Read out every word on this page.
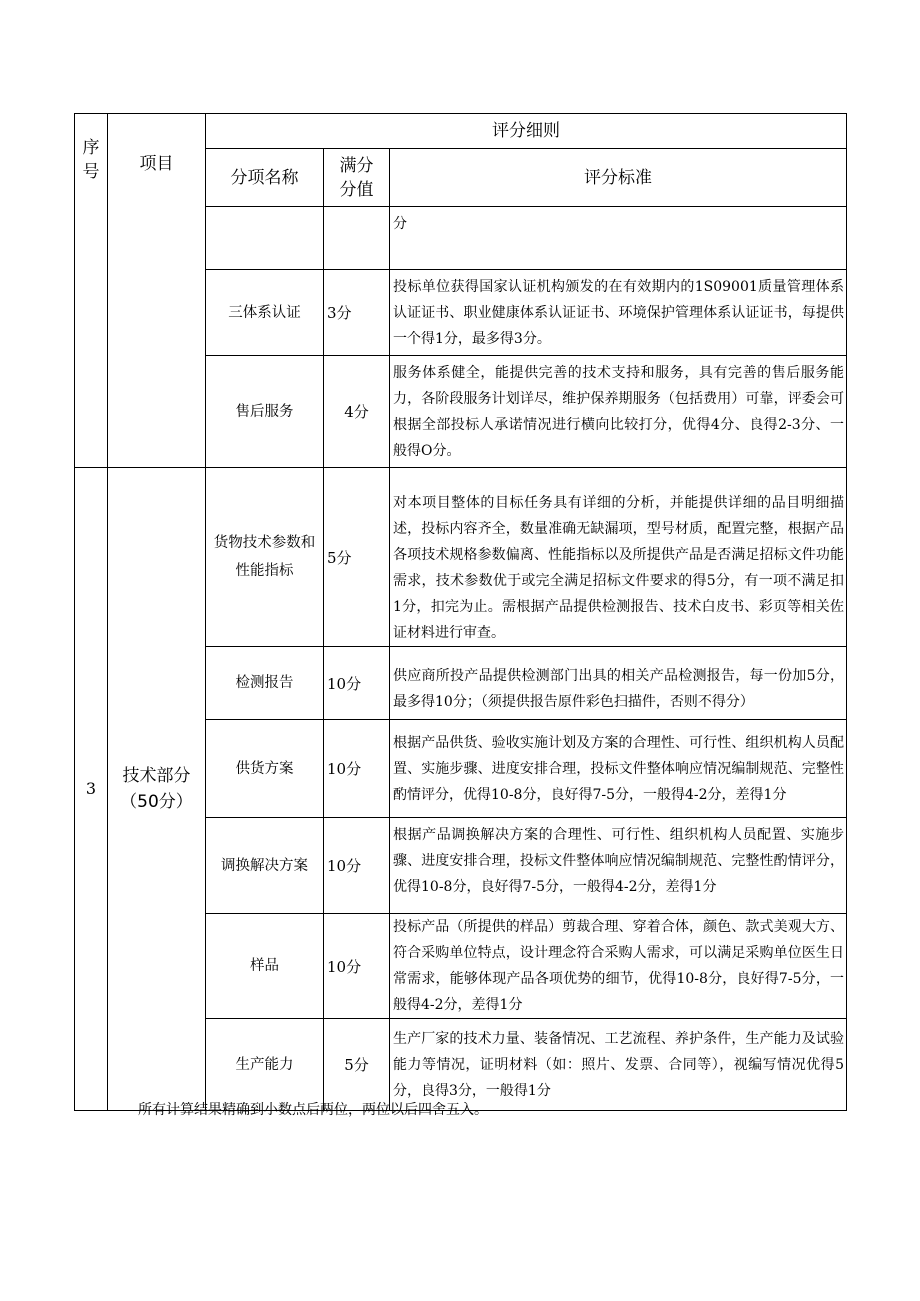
序号	项目	评分细则		
		分项名称	满分分值	评分标准
				分
		三体系认证	3分	投标单位获得国家认证机构颁发的在有效期内的1S09001质量管理体系认证证书、职业健康体系认证证书、环境保护管理体系认证证书，每提供一个得1分，最多得3分。
		售后服务	4分	服务体系健全，能提供完善的技术支持和服务，具有完善的售后服务能力，各阶段服务计划详尽，维护保养期服务（包括费用）可靠，评委会可根据全部投标人承诺情况进行横向比较打分，优得4分、良得2-3分、一般得O分。
3	技术部分（50分）	货物技术参数和性能指标	5分	对本项目整体的目标任务具有详细的分析，并能提供详细的品目明细描述，投标内容齐全，数量准确无缺漏项，型号材质，配置完整，根据产品各项技术规格参数偏离、性能指标以及所提供产品是否满足招标文件功能需求，技术参数优于或完全满足招标文件要求的得5分，有一项不满足扣1分，扣完为止。需根据产品提供检测报告、技术白皮书、彩页等相关佐证材料进行审查。
		检测报告	10分	供应商所投产品提供检测部门出具的相关产品检测报告，每一份加5分，最多得10分；（须提供报告原件彩色扫描件，否则不得分）
		供货方案	10分	根据产品供货、验收实施计划及方案的合理性、可行性、组织机构人员配置、实施步骤、进度安排合理，投标文件整体响应情况编制规范、完整性酌情评分，优得10-8分，良好得7-5分，一般得4-2分，差得1分
		调换解决方案	10分	根据产品调换解决方案的合理性、可行性、组织机构人员配置、实施步骤、进度安排合理，投标文件整体响应情况编制规范、完整性酌情评分，优得10-8分，良好得7-5分，一般得4-2分，差得1分
		样品	10分	投标产品（所提供的样品）剪裁合理、穿着合体，颜色、款式美观大方、符合采购单位特点，设计理念符合采购人需求，可以满足采购单位医生日常需求，能够体现产品各项优势的细节，优得10-8分，良好得7-5分，一般得4-2分，差得1分
		生产能力	5分	生产厂家的技术力量、装备情况、工艺流程、养护条件，生产能力及试验能力等情况，证明材料（如：照片、发票、合同等），视编写情况优得5分，良得3分，一般得1分
所有计算结果精确到小数点后两位，两位以后四舍五入。
